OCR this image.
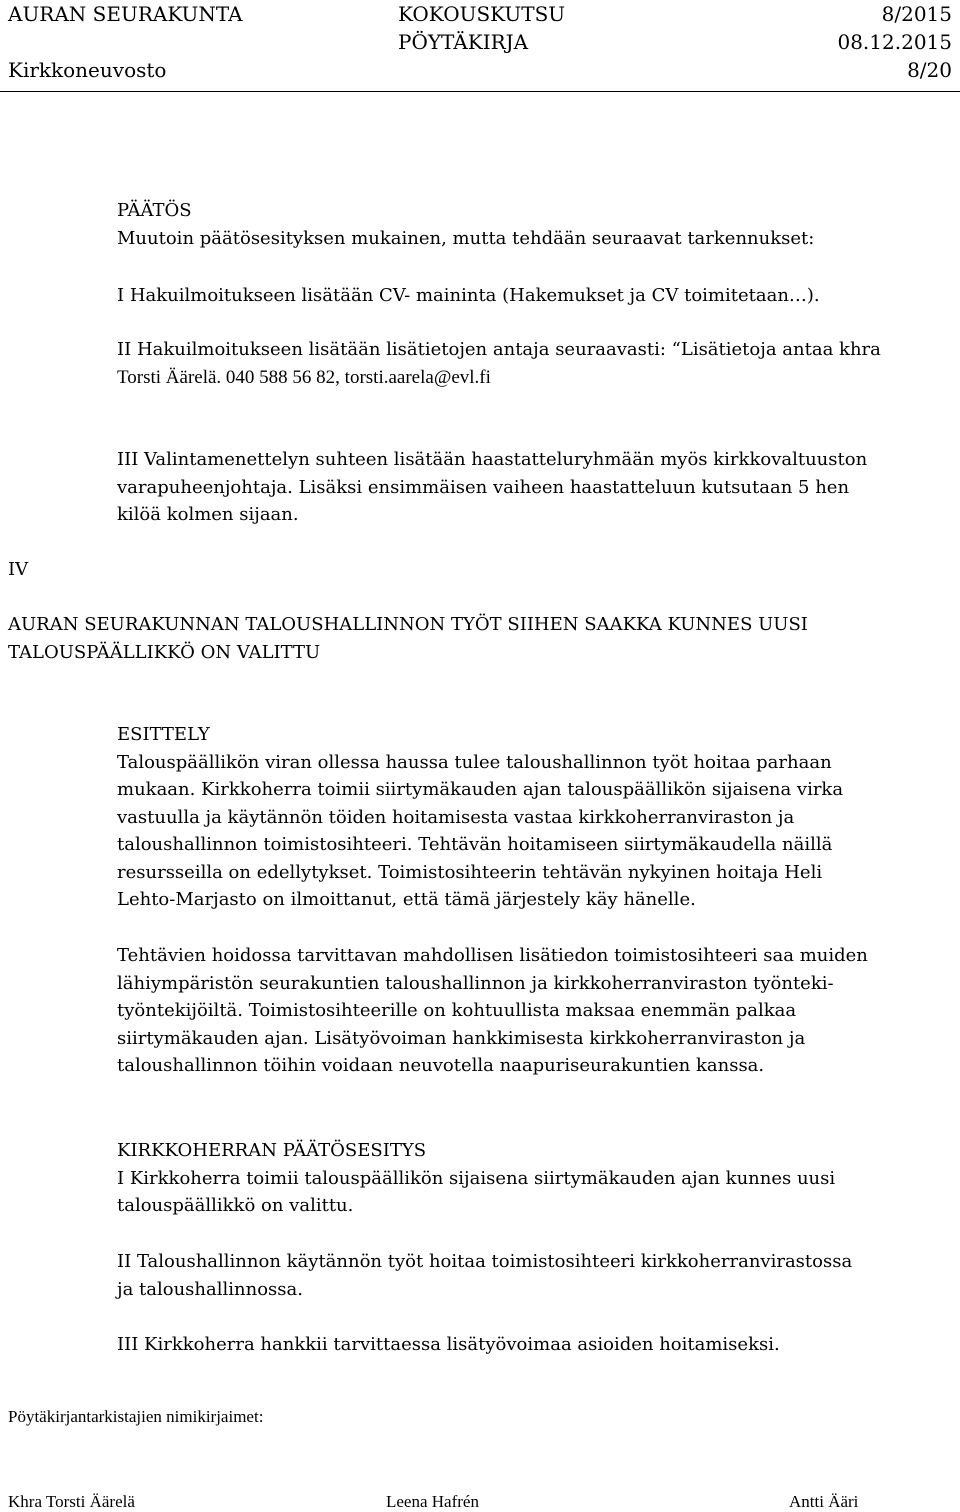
AURAN SEURAKUNTA
Kirkkoneuvosto
KOKOUSKUTSU
PÖYTÄKIRJA
8/2015
08.12.2015
8/20

PÄÄTÖS

Muutoin päätösesityksen mukainen, mutta tehdään seuraavat tarkennukset:

I Hakuilmoitukseen lisätään CV- maininta (Hakemukset ja CV toimitetaan…).

II Hakuilmoitukseen lisätään lisätietojen antaja seuraavasti: “Lisätietoja antaa khra

Torsti Äärelä. 040 588 56 82, torsti.aarela@evl.fi

III Valintamenettelyn suhteen lisätään haastatteluryhmään myös kirkkovaltuuston

varapuheenjohtaja. Lisäksi ensimmäisen vaiheen haastatteluun kutsutaan 5 hen

kilöä kolmen sijaan.

IV
AURAN SEURAKUNNAN TALOUSHALLINNON TYÖT SIIHEN SAAKKA KUNNES UUSI
TALOUSPÄÄLLIKKÖ ON VALITTU

ESITTELY

Talouspäällikön viran ollessa haussa tulee taloushallinnon työt hoitaa parhaan

mukaan. Kirkkoherra toimii siirtymäkauden ajan talouspäällikön sijaisena virka

vastuulla ja käytännön töiden hoitamisesta vastaa kirkkoherranviraston ja

taloushallinnon toimistosihteeri. Tehtävän hoitamiseen siirtymäkaudella näillä

resursseilla on edellytykset. Toimistosihteerin tehtävän nykyinen hoitaja Heli

Lehto-Marjasto on ilmoittanut, että tämä järjestely käy hänelle.

Tehtävien hoidossa tarvittavan mahdollisen lisätiedon toimistosihteeri saa muiden

lähiympäristön seurakuntien taloushallinnon ja kirkkoherranviraston työnteki-

työntekijöiltä. Toimistosihteerille on kohtuullista maksaa enemmän palkaa

siirtymäkauden ajan. Lisätyövoiman hankkimisesta kirkkoherranviraston ja

taloushallinnon töihin voidaan neuvotella naapuriseurakuntien kanssa.

KIRKKOHERRAN PÄÄTÖSESITYS

I Kirkkoherra toimii talouspäällikön sijaisena siirtymäkauden ajan kunnes uusi

talouspäällikkö on valittu.

II Taloushallinnon käytännön työt hoitaa toimistosihteeri kirkkoherranvirastossa

ja taloushallinnossa.

III Kirkkoherra hankkii tarvittaessa lisätyövoimaa asioiden hoitamiseksi.

Pöytäkirjantarkistajien nimikirjaimet:
Khra Torsti Äärelä	Leena Hafrén	Antti Ääri
